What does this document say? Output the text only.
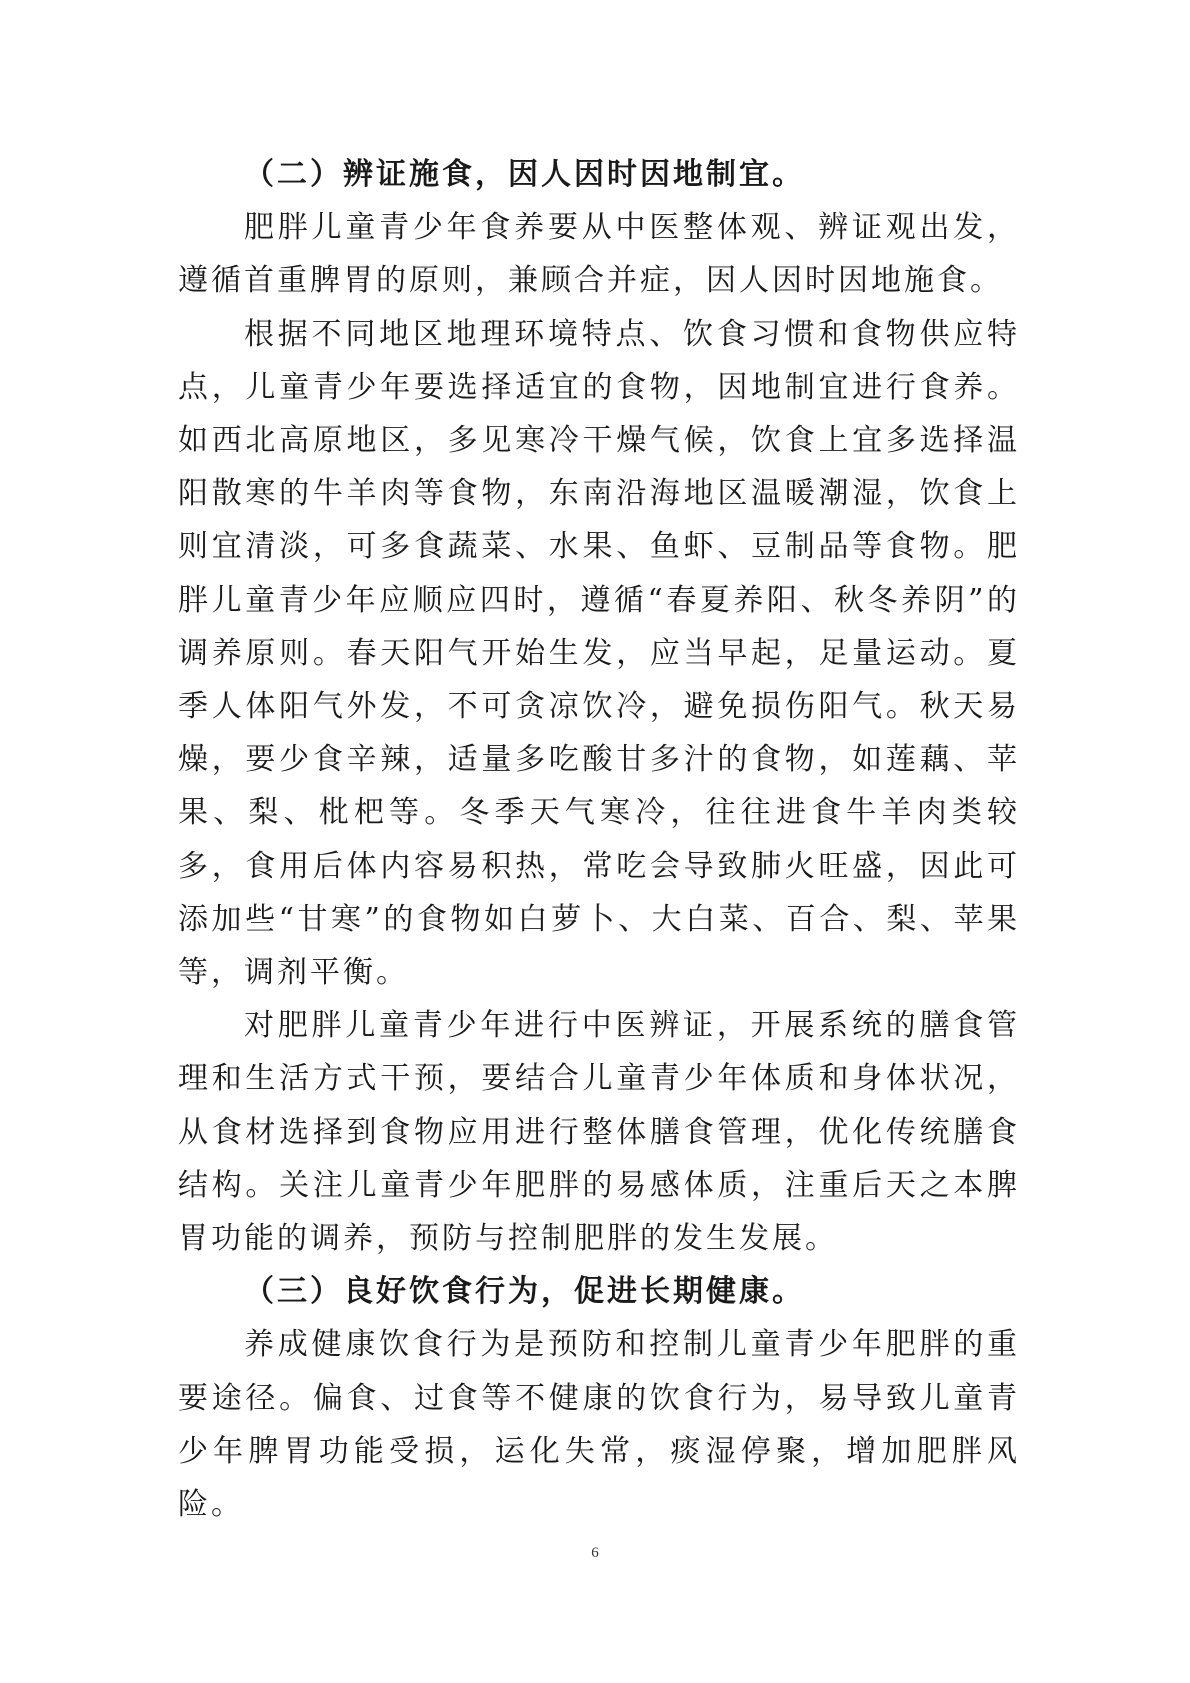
（二）辨证施食，因人因时因地制宜。

肥胖儿童青少年食养要从中医整体观、辨证观出发，遵循首重脾胃的原则，兼顾合并症，因人因时因地施食。

根据不同地区地理环境特点、饮食习惯和食物供应特点，儿童青少年要选择适宜的食物，因地制宜进行食养。如西北高原地区，多见寒冷干燥气候，饮食上宜多选择温阳散寒的牛羊肉等食物，东南沿海地区温暖潮湿，饮食上则宜清淡，可多食蔬菜、水果、鱼虾、豆制品等食物。肥胖儿童青少年应顺应四时，遵循“春夏养阳、秋冬养阴”的调养原则。春天阳气开始生发，应当早起，足量运动。夏季人体阳气外发，不可贪凉饮冷，避免损伤阳气。秋天易燥，要少食辛辣，适量多吃酸甘多汁的食物，如莲藕、苹果、梨、枇杷等。冬季天气寒冷，往往进食牛羊肉类较多，食用后体内容易积热，常吃会导致肺火旺盛，因此可添加些“甘寒”的食物如白萝卜、大白菜、百合、梨、苹果等，调剂平衡。

对肥胖儿童青少年进行中医辨证，开展系统的膳食管理和生活方式干预，要结合儿童青少年体质和身体状况，从食材选择到食物应用进行整体膳食管理，优化传统膳食结构。关注儿童青少年肥胖的易感体质，注重后天之本脾胃功能的调养，预防与控制肥胖的发生发展。

（三）良好饮食行为，促进长期健康。

养成健康饮食行为是预防和控制儿童青少年肥胖的重要途径。偏食、过食等不健康的饮食行为，易导致儿童青少年脾胃功能受损，运化失常，痰湿停聚，增加肥胖风险。

6
